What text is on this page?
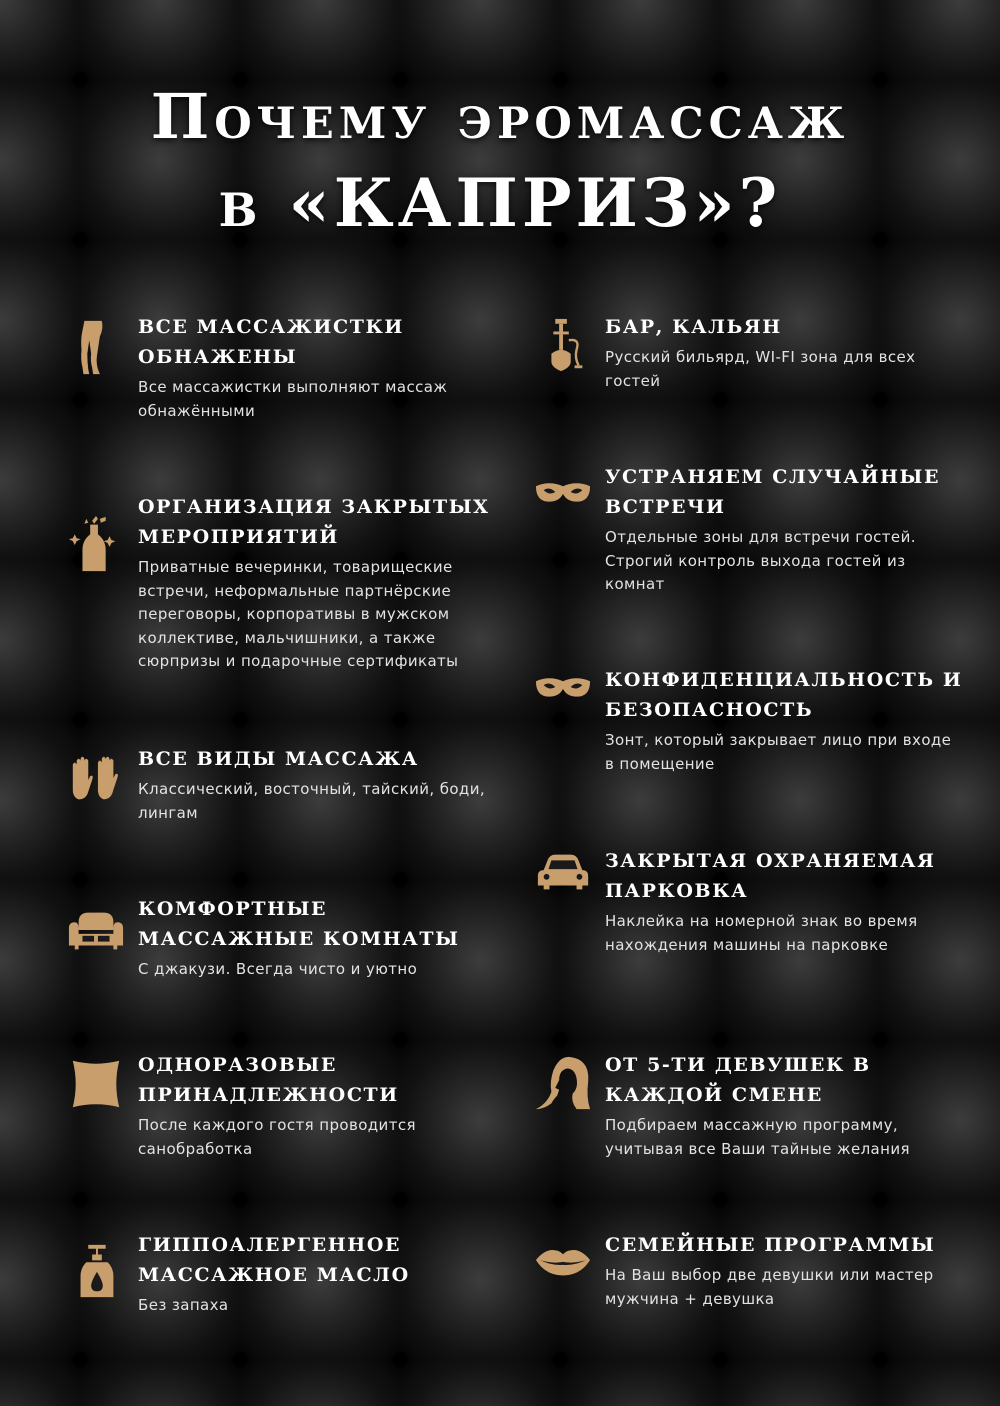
Почему эромассаж
в «КАПРИЗ»?
ВСЕ МАССАЖИСТКИ ОБНАЖЕНЫ

Все массажистки выполняют массаж обнажёнными

ОРГАНИЗАЦИЯ ЗАКРЫТЫХ МЕРОПРИЯТИЙ

Приватные вечеринки, товарищеские встречи, неформальные партнёрские переговоры, корпоративы в мужском коллективе, мальчишники, а также сюрпризы и подарочные сертификаты

ВСЕ ВИДЫ МАССАЖА

Классический, восточный, тайский, боди, лингам

КОМФОРТНЫЕ МАССАЖНЫЕ КОМНАТЫ

С джакузи. Всегда чисто и уютно

ОДНОРАЗОВЫЕ ПРИНАДЛЕЖНОСТИ

После каждого гостя проводится санобработка

ГИППОАЛЕРГЕННОЕ МАССАЖНОЕ МАСЛО

Без запаха

БАР, КАЛЬЯН

Русский бильярд, WI-FI зона для всех гостей

УСТРАНЯЕМ СЛУЧАЙНЫЕ ВСТРЕЧИ

Отдельные зоны для встречи гостей. Строгий контроль выхода гостей из комнат

КОНФИДЕНЦИАЛЬНОСТЬ И БЕЗОПАСНОСТЬ

Зонт, который закрывает лицо при входе в помещение

ЗАКРЫТАЯ ОХРАНЯЕМАЯ ПАРКОВКА

Наклейка на номерной знак во время нахождения машины на парковке

ОТ 5-ТИ ДЕВУШЕК В КАЖДОЙ СМЕНЕ

Подбираем массажную программу, учитывая все Ваши тайные желания

СЕМЕЙНЫЕ ПРОГРАММЫ

На Ваш выбор две девушки или мастер мужчина + девушка
